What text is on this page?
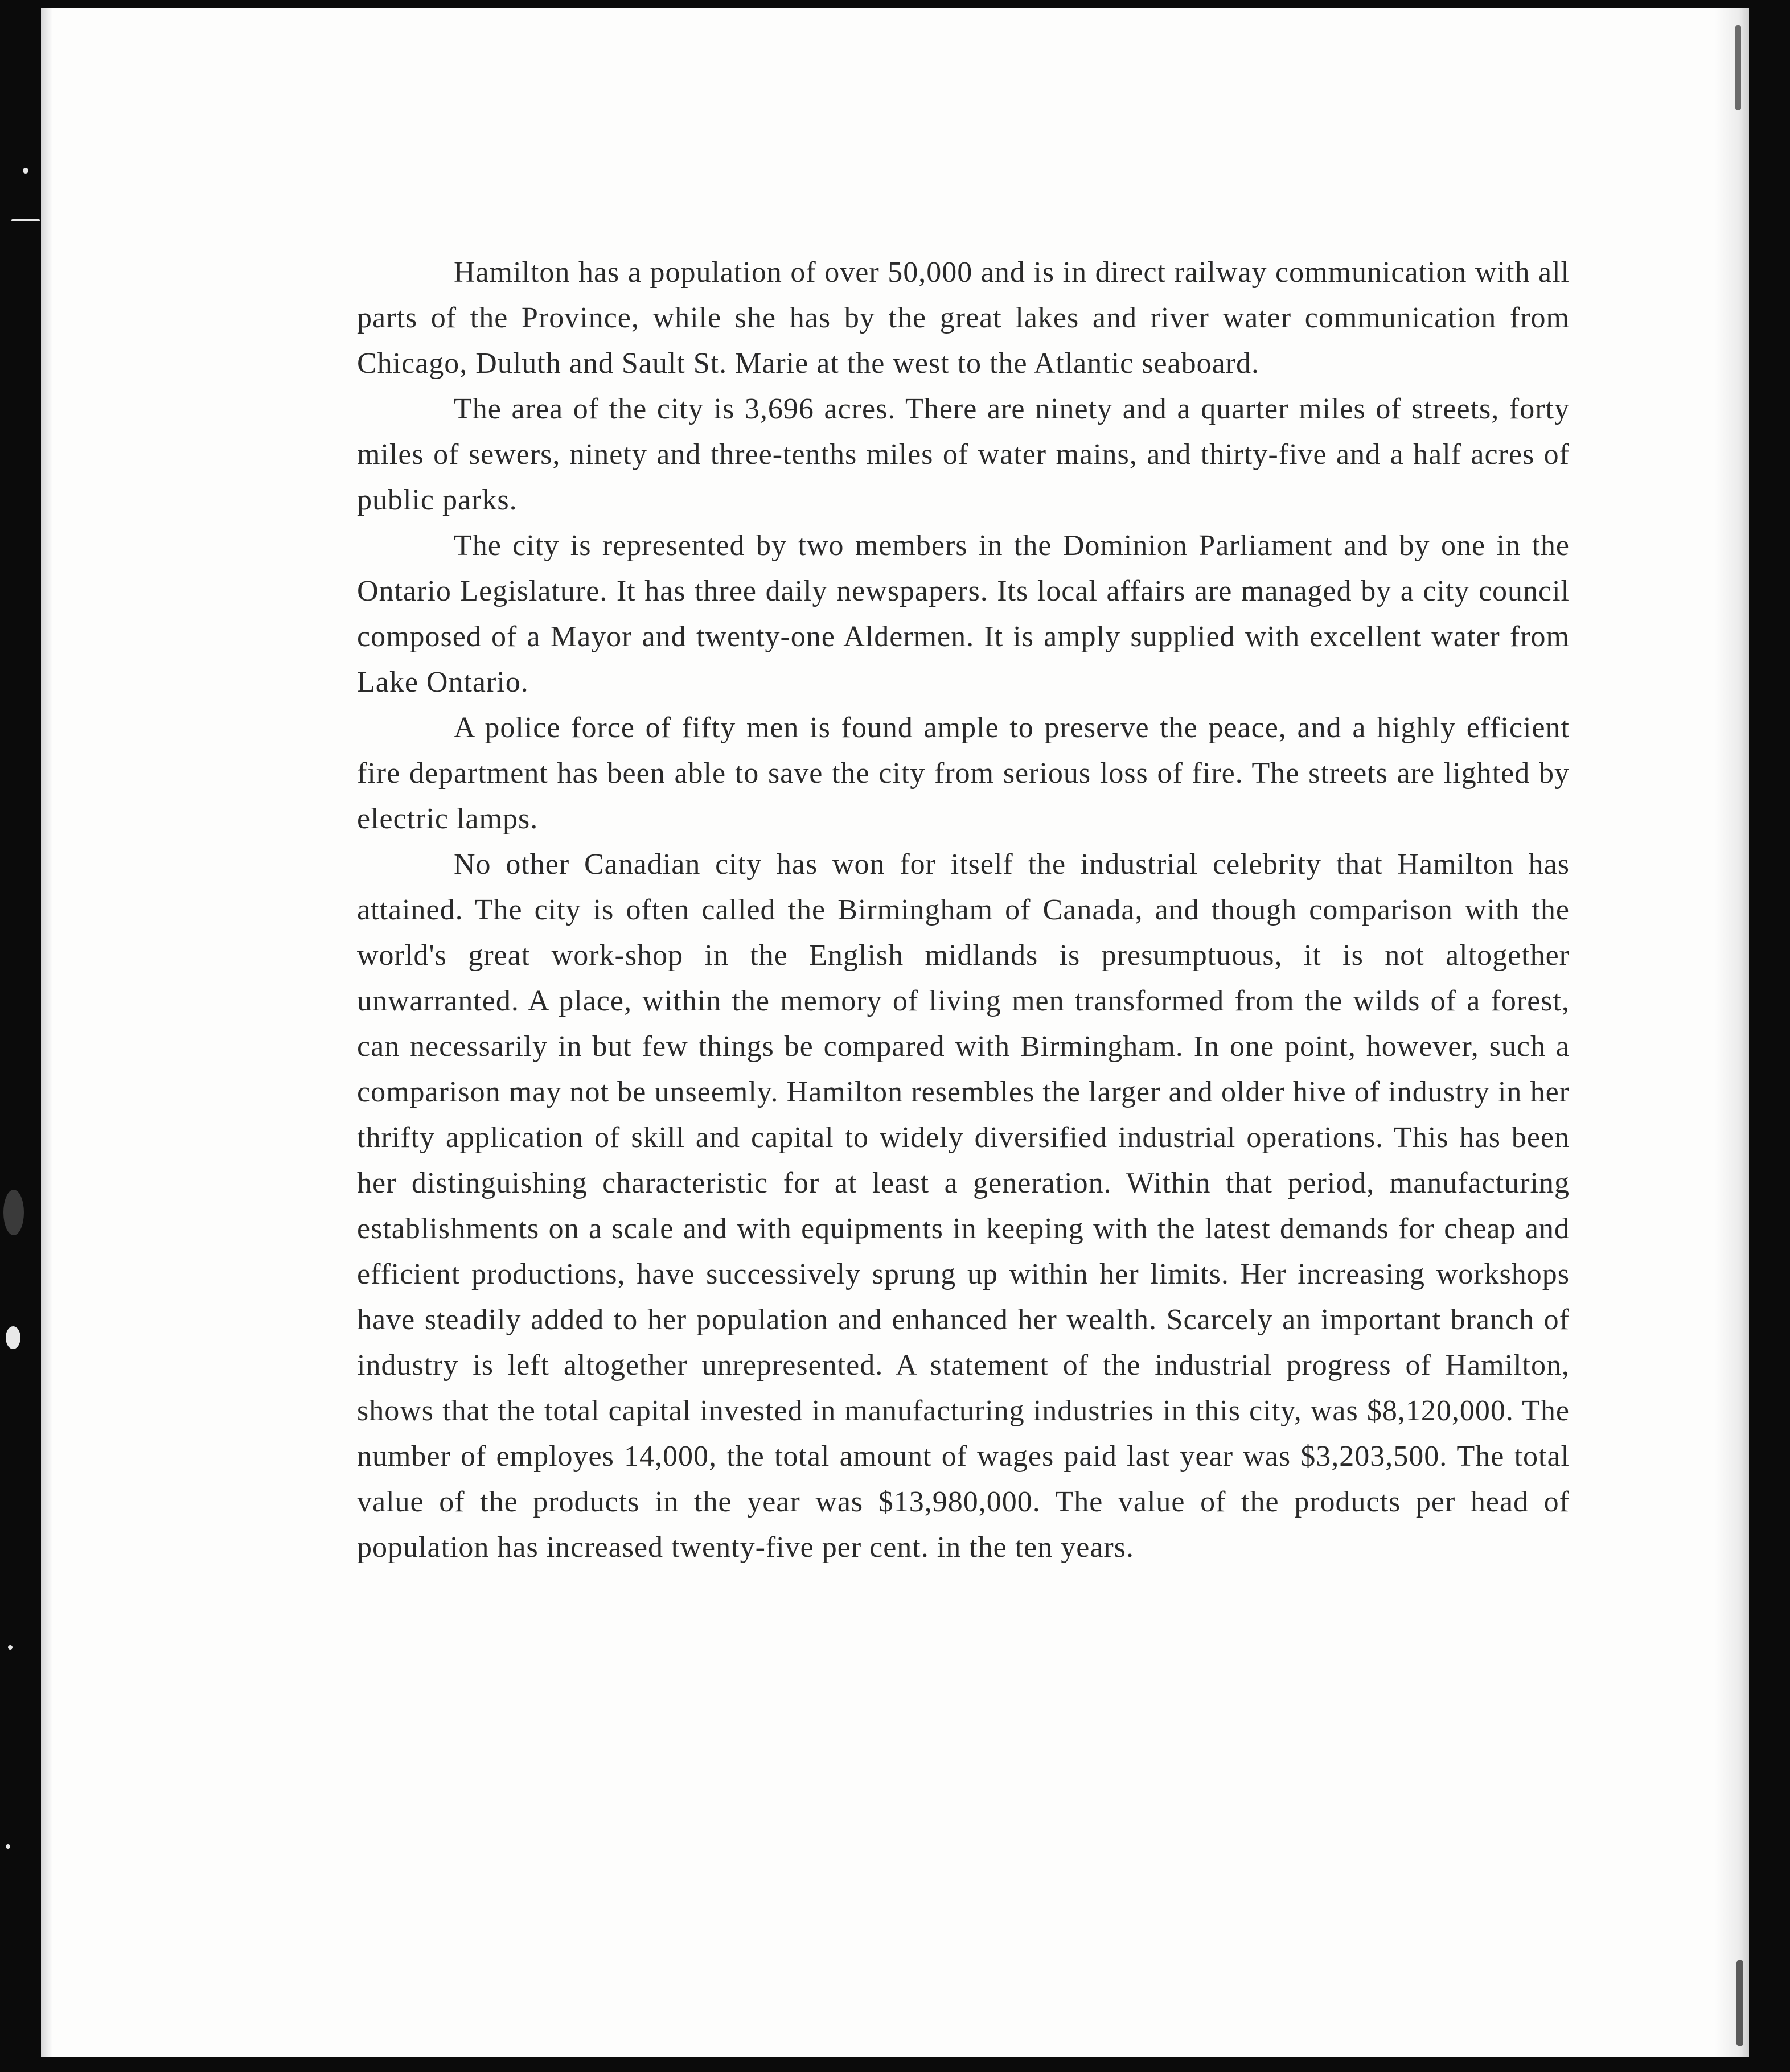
Hamilton has a population of over 50,000 and is in direct railway communication with all parts of the Province, while she has by the great lakes and river water communication from Chicago, Duluth and Sault St. Marie at the west to the Atlantic seaboard.

The area of the city is 3,696 acres. There are ninety and a quarter miles of streets, forty miles of sewers, ninety and three-tenths miles of water mains, and thirty-five and a half acres of public parks.

The city is represented by two members in the Dominion Parliament and by one in the Ontario Legislature. It has three daily newspapers. Its local affairs are managed by a city council composed of a Mayor and twenty-one Aldermen. It is amply supplied with excellent water from Lake Ontario.

A police force of fifty men is found ample to preserve the peace, and a highly efficient fire department has been able to save the city from serious loss of fire. The streets are lighted by electric lamps.

No other Canadian city has won for itself the industrial celebrity that Hamilton has attained. The city is often called the Birmingham of Canada, and though comparison with the world's great work-shop in the English midlands is presumptuous, it is not altogether unwarranted. A place, within the memory of living men transformed from the wilds of a forest, can necessarily in but few things be compared with Birmingham. In one point, however, such a comparison may not be unseemly. Hamilton resembles the larger and older hive of industry in her thrifty application of skill and capital to widely diversified industrial operations. This has been her distinguishing characteristic for at least a generation. Within that period, manufacturing establishments on a scale and with equipments in keeping with the latest demands for cheap and efficient productions, have successively sprung up within her limits. Her increasing workshops have steadily added to her population and enhanced her wealth. Scarcely an important branch of industry is left altogether unrepresented. A statement of the industrial progress of Hamilton, shows that the total capital invested in manufacturing industries in this city, was $8,120,000. The number of employes 14,000, the total amount of wages paid last year was $3,203,500. The total value of the products in the year was $13,980,000. The value of the products per head of population has increased twenty-five per cent. in the ten years.
